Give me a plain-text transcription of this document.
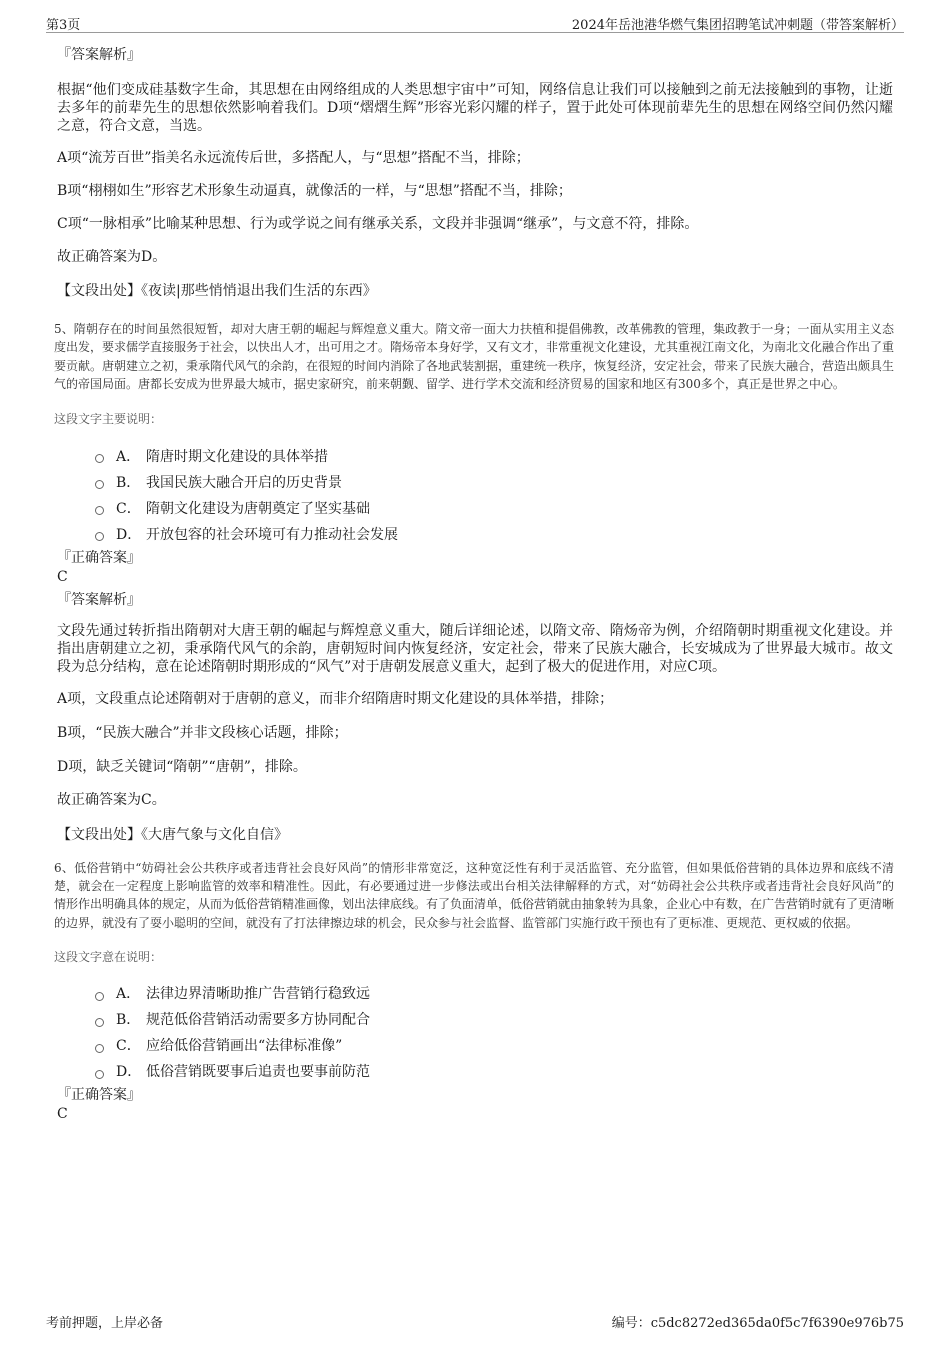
第3页	2024年岳池港华燃气集团招聘笔试冲刺题（带答案解析）
『答案解析』

根据“他们变成硅基数字生命，其思想在由网络组成的人类思想宇宙中”可知，网络信息让我们可以接触到之前无法接触到的事物，让逝去多年的前辈先生的思想依然影响着我们。D项“熠熠生辉”形容光彩闪耀的样子，置于此处可体现前辈先生的思想在网络空间仍然闪耀之意，符合文意，当选。

A项“流芳百世”指美名永远流传后世，多搭配人，与“思想”搭配不当，排除；

B项“栩栩如生”形容艺术形象生动逼真，就像活的一样，与“思想”搭配不当，排除；

C项“一脉相承”比喻某种思想、行为或学说之间有继承关系，文段并非强调“继承”，与文意不符，排除。

故正确答案为D。

【文段出处】《夜读|那些悄悄退出我们生活的东西》

5、隋朝存在的时间虽然很短暂，却对大唐王朝的崛起与辉煌意义重大。隋文帝一面大力扶植和提倡佛教，改革佛教的管理，集政教于一身；一面从实用主义态度出发，要求儒学直接服务于社会，以快出人才，出可用之才。隋炀帝本身好学，又有文才，非常重视文化建设，尤其重视江南文化，为南北文化融合作出了重要贡献。唐朝建立之初，秉承隋代风气的余韵，在很短的时间内消除了各地武装割据，重建统一秩序，恢复经济，安定社会，带来了民族大融合，营造出颇具生气的帝国局面。唐都长安成为世界最大城市，据史家研究，前来朝觐、留学、进行学术交流和经济贸易的国家和地区有300多个，真正是世界之中心。

这段文字主要说明：

A． 隋唐时期文化建设的具体举措
B． 我国民族大融合开启的历史背景
C． 隋朝文化建设为唐朝奠定了坚实基础
D． 开放包容的社会环境可有力推动社会发展
『正确答案』
C
『答案解析』

文段先通过转折指出隋朝对大唐王朝的崛起与辉煌意义重大，随后详细论述，以隋文帝、隋炀帝为例，介绍隋朝时期重视文化建设。并指出唐朝建立之初，秉承隋代风气的余韵，唐朝短时间内恢复经济，安定社会，带来了民族大融合，长安城成为了世界最大城市。故文段为总分结构，意在论述隋朝时期形成的“风气”对于唐朝发展意义重大，起到了极大的促进作用，对应C项。

A项，文段重点论述隋朝对于唐朝的意义，而非介绍隋唐时期文化建设的具体举措，排除；

B项，“民族大融合”并非文段核心话题，排除；

D项，缺乏关键词“隋朝”“唐朝”，排除。

故正确答案为C。

【文段出处】《大唐气象与文化自信》

6、低俗营销中“妨碍社会公共秩序或者违背社会良好风尚”的情形非常宽泛，这种宽泛性有利于灵活监管、充分监管，但如果低俗营销的具体边界和底线不清楚，就会在一定程度上影响监管的效率和精准性。因此，有必要通过进一步修法或出台相关法律解释的方式，对“妨碍社会公共秩序或者违背社会良好风尚”的情形作出明确具体的规定，从而为低俗营销精准画像，划出法律底线。有了负面清单，低俗营销就由抽象转为具象，企业心中有数，在广告营销时就有了更清晰的边界，就没有了耍小聪明的空间，就没有了打法律擦边球的机会，民众参与社会监督、监管部门实施行政干预也有了更标准、更规范、更权威的依据。

这段文字意在说明：

A． 法律边界清晰助推广告营销行稳致远
B． 规范低俗营销活动需要多方协同配合
C． 应给低俗营销画出“法律标准像”
D． 低俗营销既要事后追责也要事前防范
『正确答案』
C
考前押题，上岸必备	编号：c5dc8272ed365da0f5c7f6390e976b75
